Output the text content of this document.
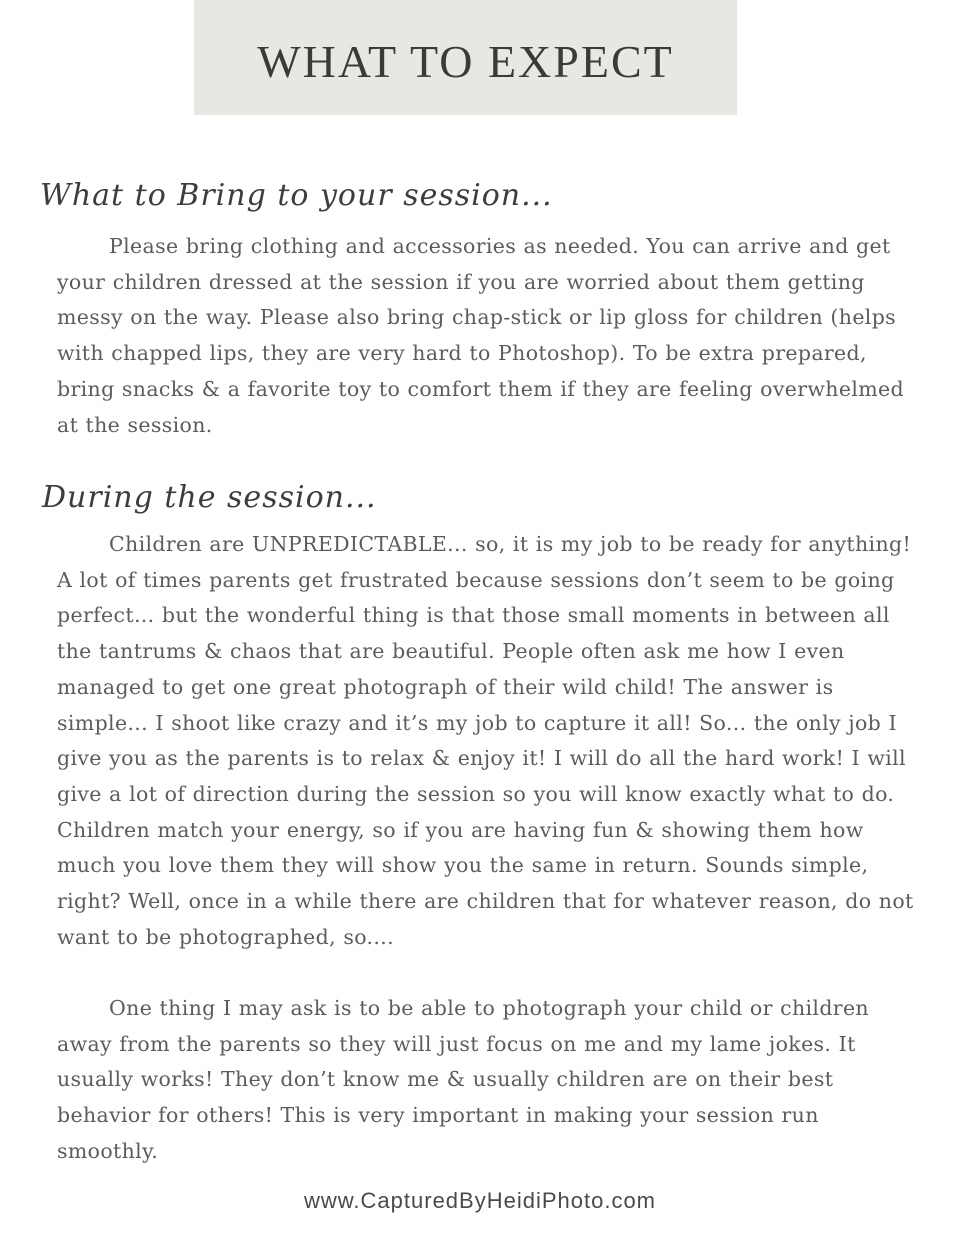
WHAT TO EXPECT
What to Bring to your session...

Please bring clothing and accessories as needed. You can arrive and get your children dressed at the session if you are worried about them getting messy on the way. Please also bring chap-stick or lip gloss for children (helps with chapped lips, they are very hard to Photoshop). To be extra prepared, bring snacks & a favorite toy to comfort them if they are feeling overwhelmed at the session.

During the session...

Children are UNPREDICTABLE... so, it is my job to be ready for anything! A lot of times parents get frustrated because sessions don’t seem to be going perfect... but the wonderful thing is that those small moments in between all the tantrums & chaos that are beautiful. People often ask me how I even managed to get one great photograph of their wild child! The answer is simple... I shoot like crazy and it’s my job to capture it all! So... the only job I give you as the parents is to relax & enjoy it! I will do all the hard work! I will give a lot of direction during the session so you will know exactly what to do. Children match your energy, so if you are having fun & showing them how much you love them they will show you the same in return. Sounds simple, right? Well, once in a while there are children that for whatever reason, do not want to be photographed, so....

One thing I may ask is to be able to photograph your child or children away from the parents so they will just focus on me and my lame jokes. It usually works! They don’t know me & usually children are on their best behavior for others! This is very important in making your session run smoothly.

www.CapturedByHeidiPhoto.com
